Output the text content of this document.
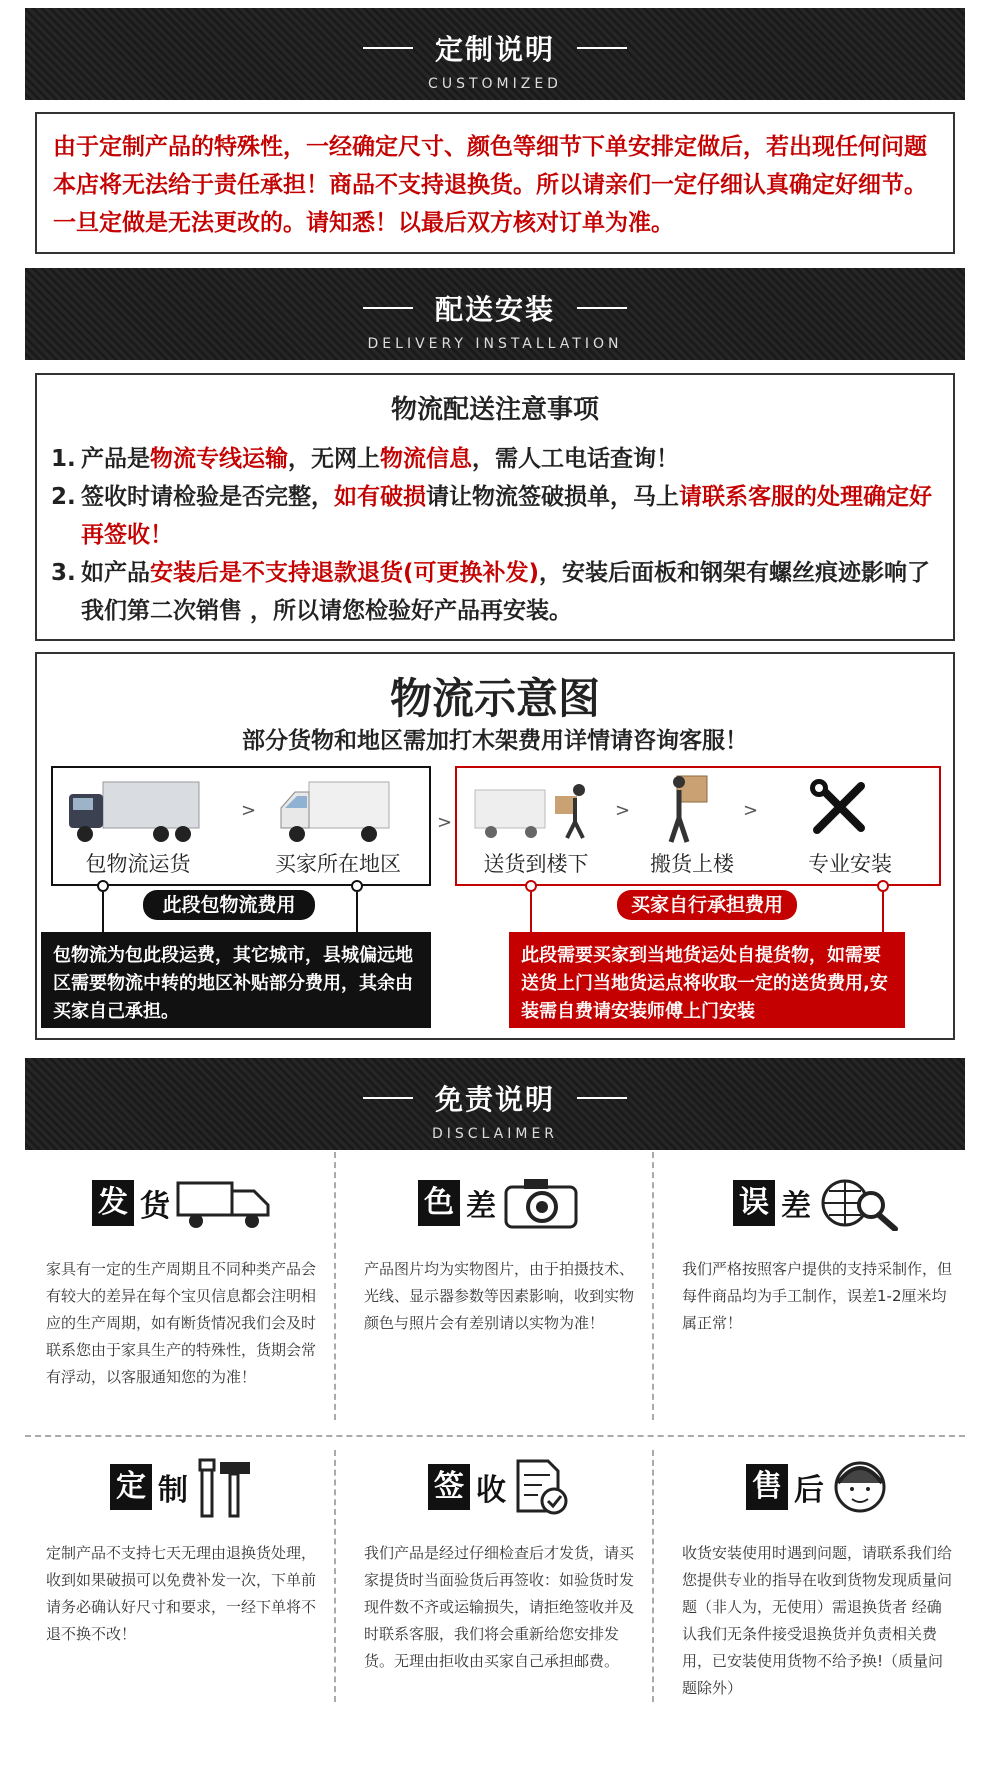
定制说明
CUSTOMIZED
由于定制产品的特殊性，一经确定尺寸、颜色等细节下单安排定做后，若出现任何问题本店将无法给于责任承担！商品不支持退换货。所以请亲们一定仔细认真确定好细节。一旦定做是无法更改的。请知悉！以最后双方核对订单为准。
配送安装
DELIVERY INSTALLATION
物流配送注意事项
1. 产品是物流专线运输，无网上物流信息，需人工电话查询！
2. 签收时请检验是否完整，如有破损请让物流签破损单，马上请联系客服的处理确定好再签收！
3. 如产品安装后是不支持退款退货(可更换补发)，安装后面板和钢架有螺丝痕迹影响了我们第二次销售 ，所以请您检验好产品再安装。
物流示意图
部分货物和地区需加打木架费用详情请咨询客服！
>
包物流运货	买家所在地区
>
>	>
送货到楼下	搬货上楼	专业安装
此段包物流费用
包物流为包此段运费，其它城市，县城偏远地区需要物流中转的地区补贴部分费用，其余由买家自己承担。
买家自行承担费用
此段需要买家到当地货运处自提货物，如需要送货上门当地货运点将收取一定的送货费用,安装需自费请安装师傅上门安装
免责说明
DISCLAIMER
发 货
家具有一定的生产周期且不同种类产品会有较大的差异在每个宝贝信息都会注明相应的生产周期，如有断货情况我们会及时联系您由于家具生产的特殊性，货期会常有浮动，以客服通知您的为准！
色 差
产品图片均为实物图片，由于拍摄技术、光线、显示器参数等因素影响，收到实物颜色与照片会有差别请以实物为准！
误 差
我们严格按照客户提供的支持采制作，但每件商品均为手工制作，误差1-2厘米均属正常！
定 制
定制产品不支持七天无理由退换货处理，收到如果破损可以免费补发一次，下单前请务必确认好尺寸和要求，一经下单将不退不换不改！
签 收
我们产品是经过仔细检查后才发货，请买家提货时当面验货后再签收：如验货时发现件数不齐或运输损失，请拒绝签收并及时联系客服，我们将会重新给您安排发货。无理由拒收由买家自己承担邮费。
售 后
收货安装使用时遇到问题，请联系我们给您提供专业的指导在收到货物发现质量问题（非人为，无使用）需退换货者 经确认我们无条件接受退换货并负责相关费用，已安装使用货物不给予换!（质量问题除外）
